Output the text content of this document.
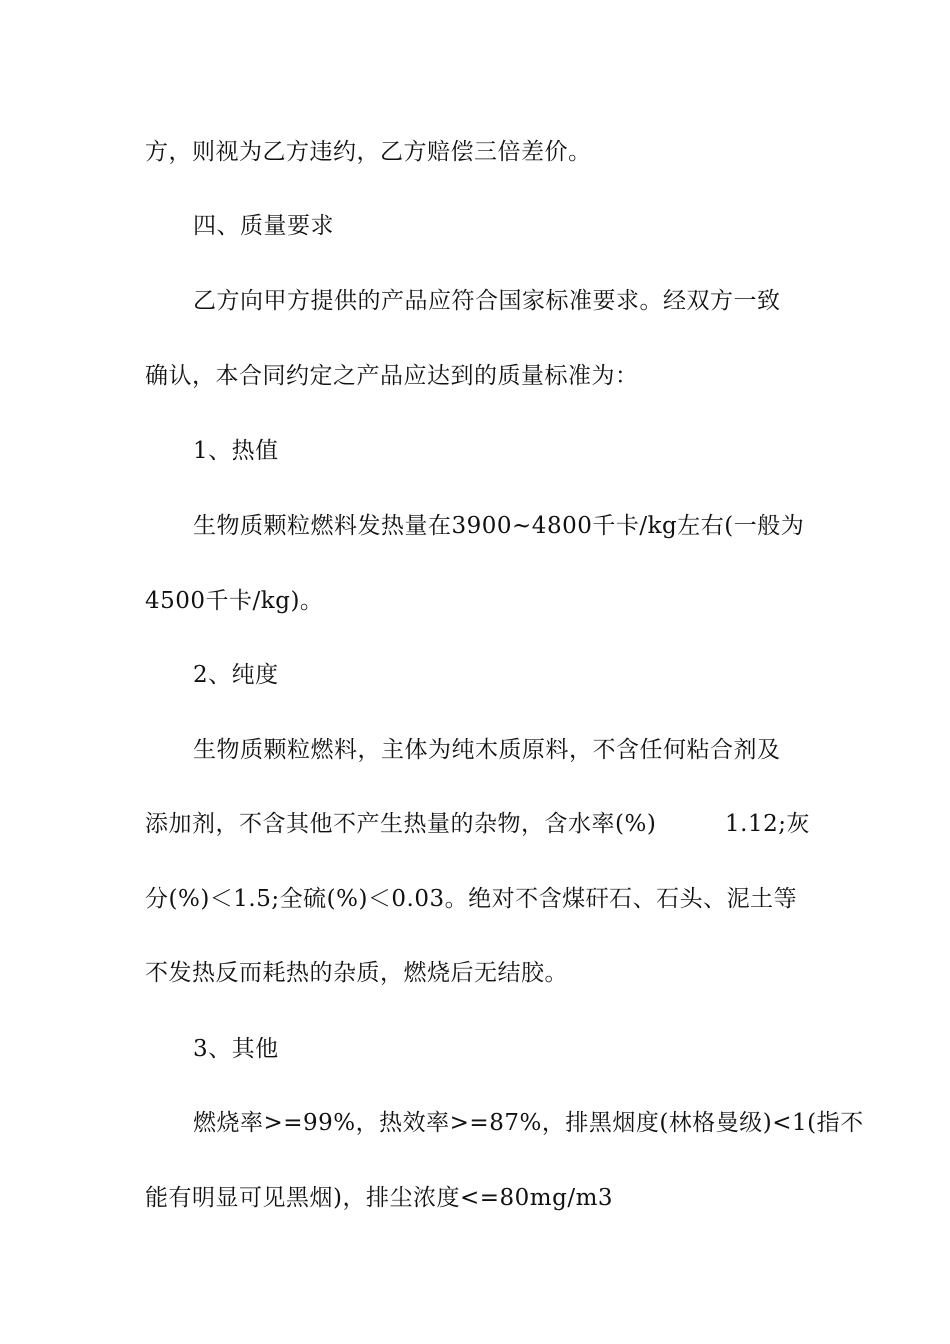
方，则视为乙方违约，乙方赔偿三倍差价。
四、质量要求
乙方向甲方提供的产品应符合国家标准要求。经双方一致
确认，本合同约定之产品应达到的质量标准为：
1、热值
生物质颗粒燃料发热量在3900~4800千卡/kg左右(一般为
4500千卡/kg)。
2、纯度
生物质颗粒燃料，主体为纯木质原料，不含任何粘合剂及
添加剂，不含其他不产生热量的杂物，含水率(%)	1.12;灰
分(%)＜1.5;全硫(%)＜0.03。绝对不含煤矸石、石头、泥土等
不发热反而耗热的杂质，燃烧后无结胶。
3、其他
燃烧率>=99%，热效率>=87%，排黑烟度(林格曼级)<1(指不
能有明显可见黑烟)，排尘浓度<=80mg/m3
